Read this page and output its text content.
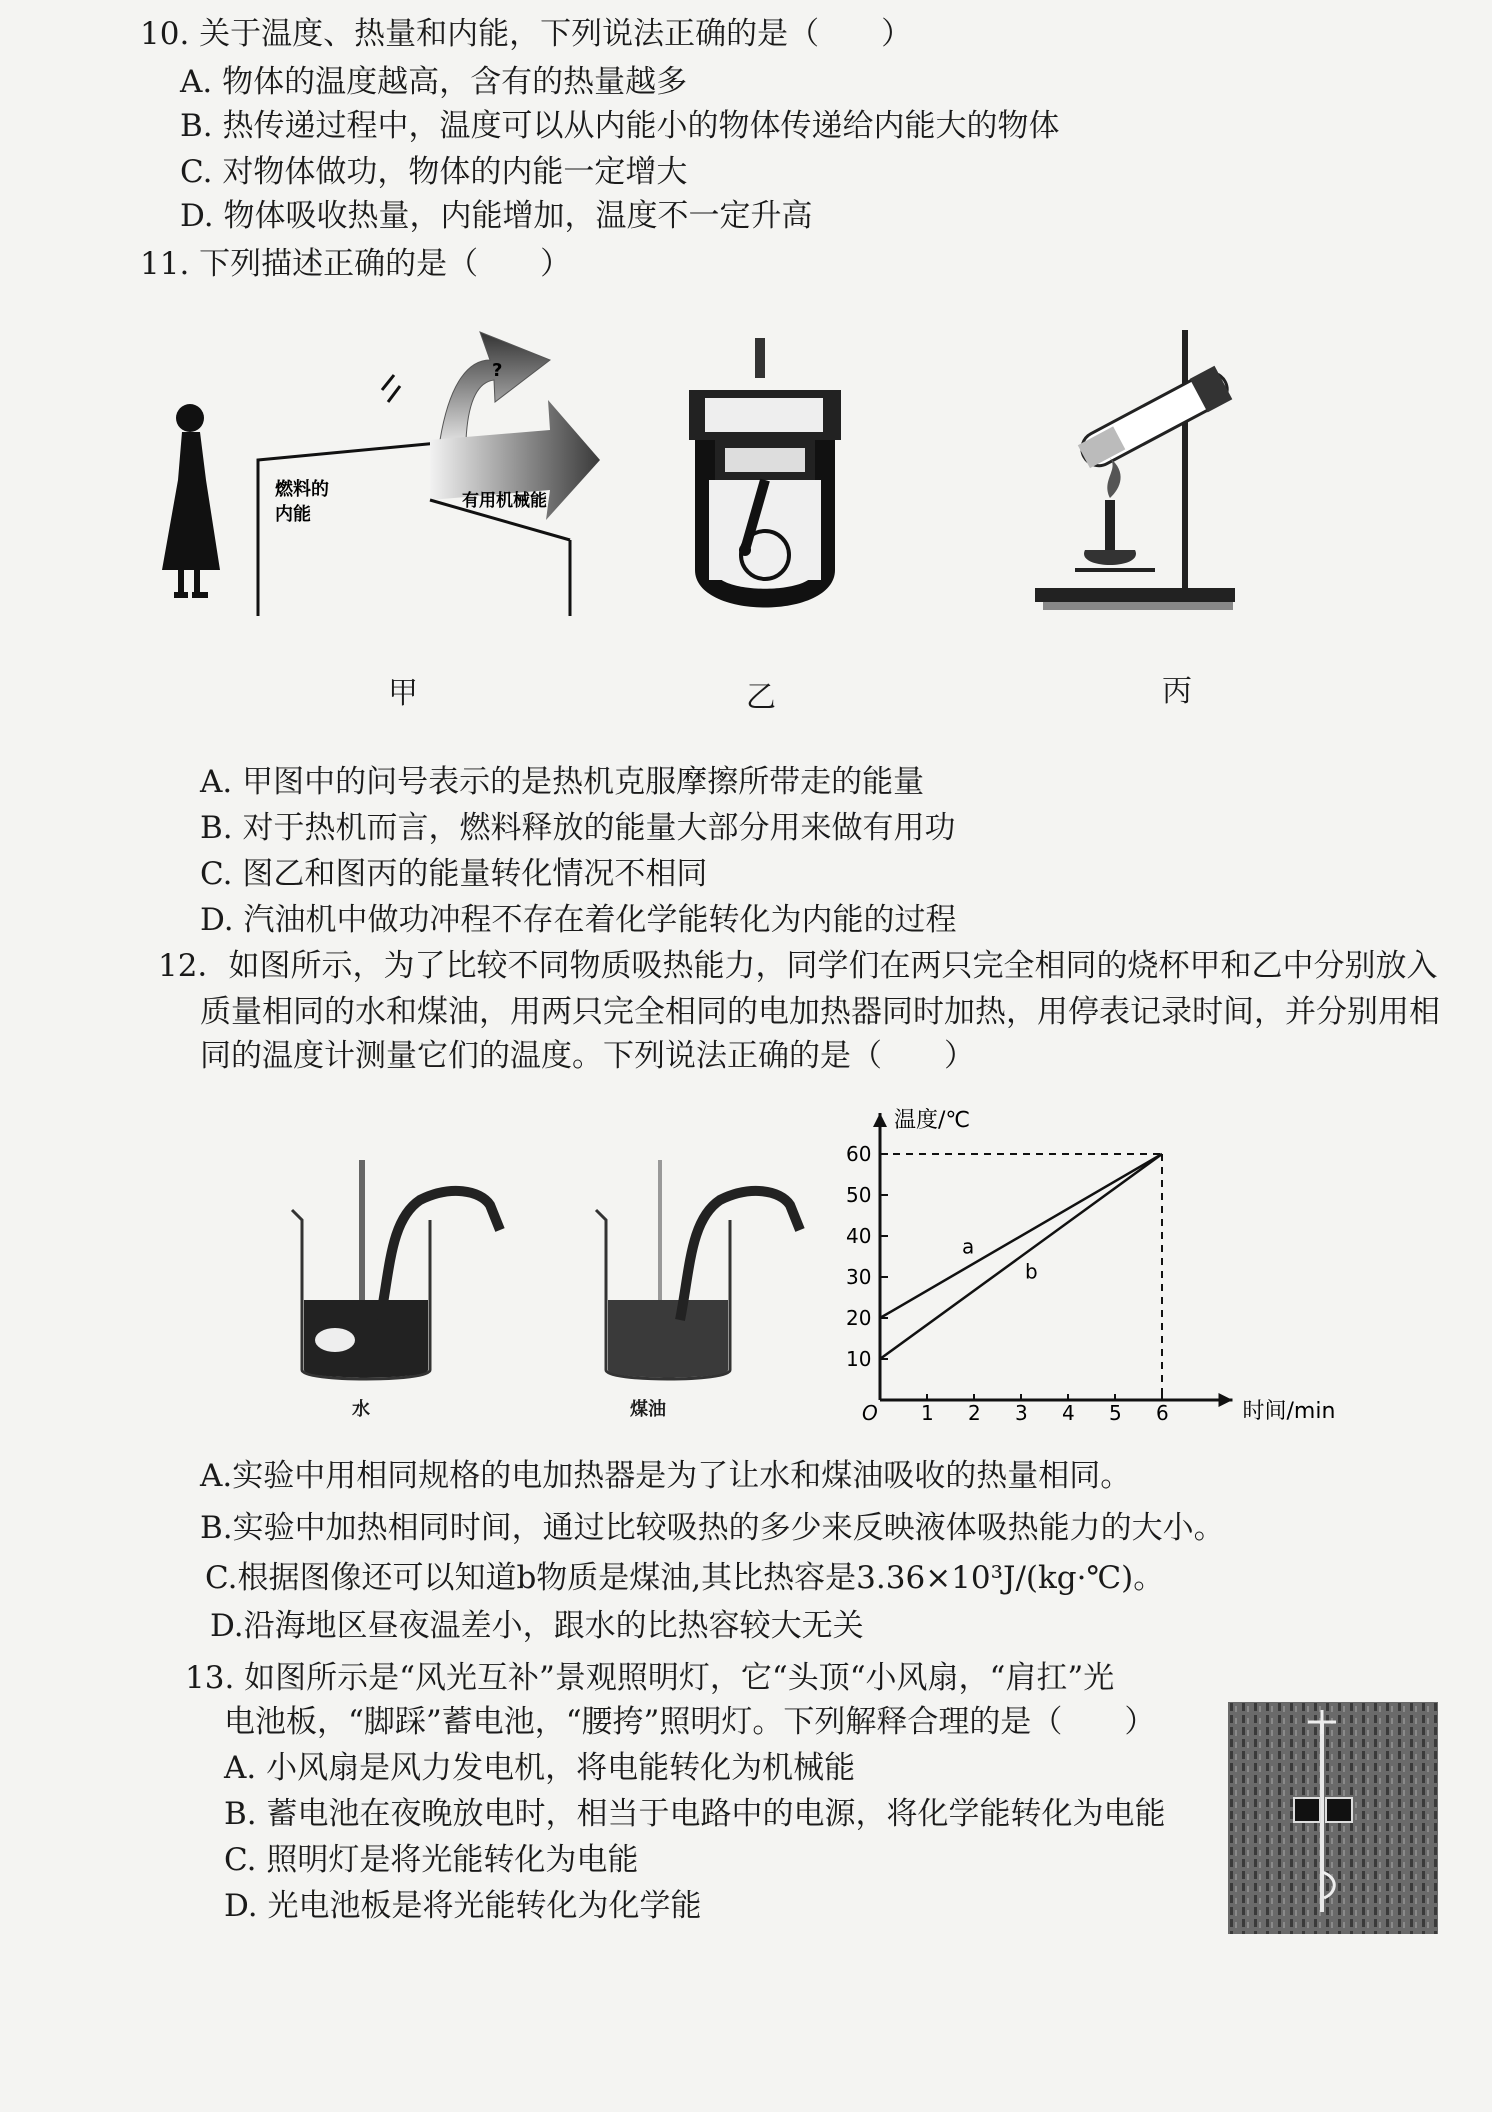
10. 关于温度、热量和内能，下列说法正确的是（　　）
A. 物体的温度越高，含有的热量越多
B. 热传递过程中，温度可以从内能小的物体传递给内能大的物体
C. 对物体做功，物体的内能一定增大
D. 物体吸收热量，内能增加，温度不一定升高
11. 下列描述正确的是（　　）
燃料的
内能
有用机械能
?
甲	乙	丙
A. 甲图中的问号表示的是热机克服摩擦所带走的能量
B. 对于热机而言，燃料释放的能量大部分用来做有用功
C. 图乙和图丙的能量转化情况不相同
D. 汽油机中做功冲程不存在着化学能转化为内能的过程
12．如图所示，为了比较不同物质吸热能力，同学们在两只完全相同的烧杯甲和乙中分别放入
质量相同的水和煤油，用两只完全相同的电加热器同时加热，用停表记录时间，并分别用相
同的温度计测量它们的温度。下列说法正确的是（　　）
水	煤油
温度/℃
时间/min
O 1 2 3 4 5 6
10
20
30
40
50
60
a
b
A.实验中用相同规格的电加热器是为了让水和煤油吸收的热量相同。
B.实验中加热相同时间，通过比较吸热的多少来反映液体吸热能力的大小。
C.根据图像还可以知道b物质是煤油,其比热容是3.36×10³J/(kg·℃)。
D.沿海地区昼夜温差小，跟水的比热容较大无关
13. 如图所示是“风光互补”景观照明灯，它“头顶“小风扇，“肩扛”光
电池板，“脚踩”蓄电池，“腰挎”照明灯。下列解释合理的是（　　）
A. 小风扇是风力发电机，将电能转化为机械能
B. 蓄电池在夜晚放电时，相当于电路中的电源，将化学能转化为电能
C. 照明灯是将光能转化为电能
D. 光电池板是将光能转化为化学能
